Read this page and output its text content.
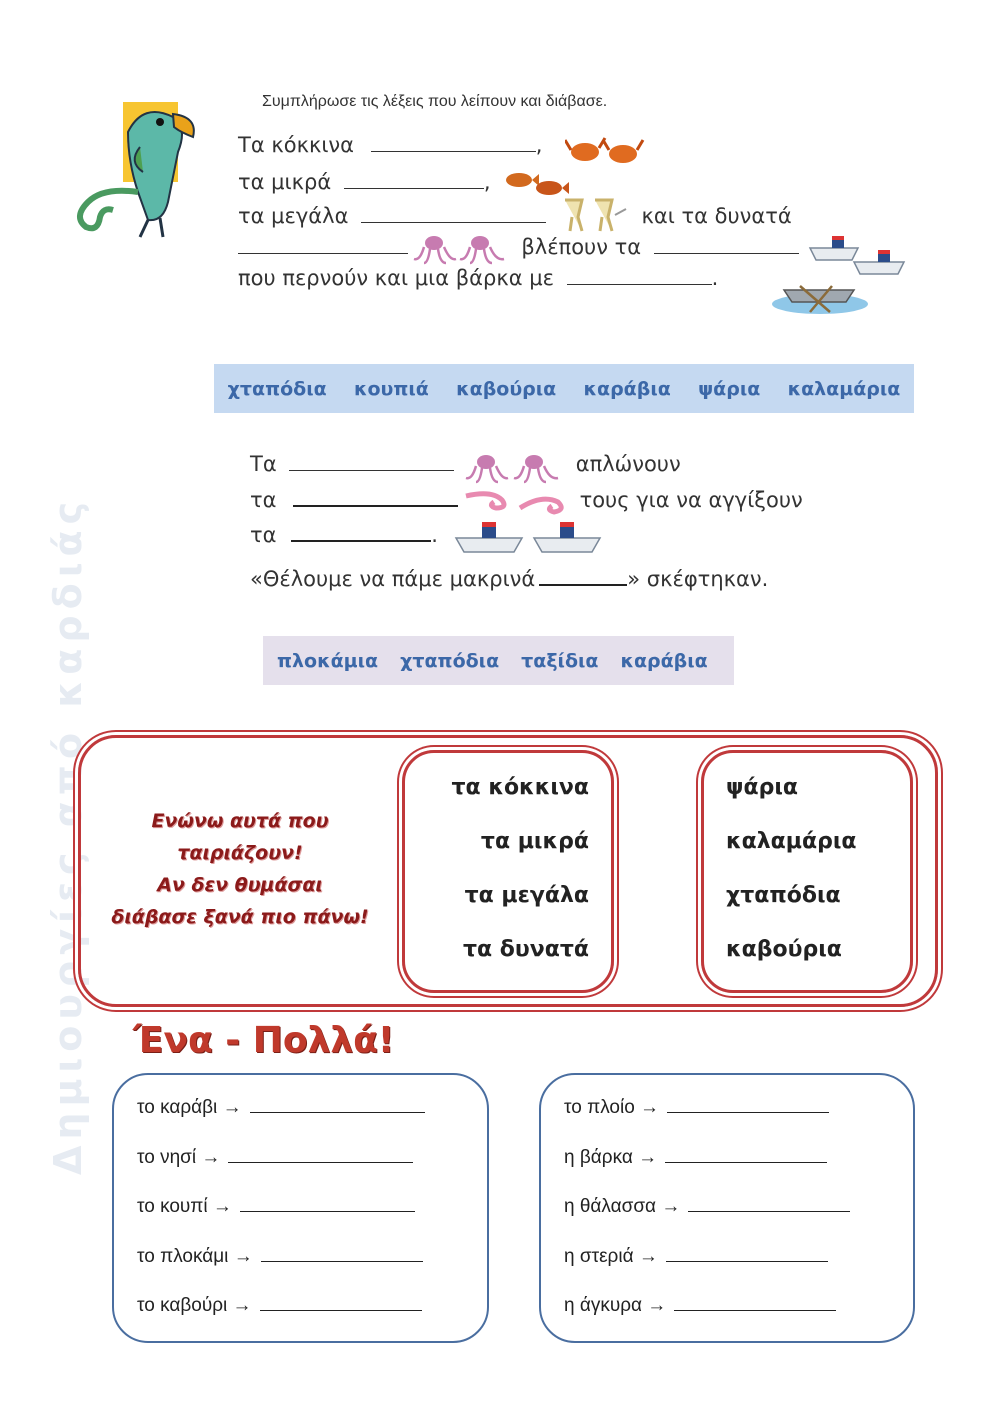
Δημιουργίες από καρδιάς
Συμπλήρωσε τις λέξεις που λείπουν και διάβασε.
Τα κόκκινα	,
τα μικρά	,
τα μεγάλα	και τα δυνατά
βλέπουν τα
που περνούν και μια βάρκα με	.
χταπόδια κουπιά καβούρια καράβια ψάρια καλαμάρια
Τα	απλώνουν
τα	τους για να αγγίξουν
τα	.
«Θέλουμε να πάμε μακρινά	» σκέφτηκαν.
πλοκάμια χταπόδια ταξίδια καράβια
Ενώνω αυτά που
ταιριάζουν!
Αν δεν θυμάσαι
διάβασε ξανά πιο πάνω!
τα κόκκινα
τα μικρά
τα μεγάλα
τα δυνατά
ψάρια
καλαμάρια
χταπόδια
καβούρια
Ένα - Πολλά!
το καράβι →
το νησί →
το κουπί →
το πλοκάμι →
το καβούρι →
το πλοίο →
η βάρκα →
η θάλασσα →
η στεριά →
η άγκυρα →
